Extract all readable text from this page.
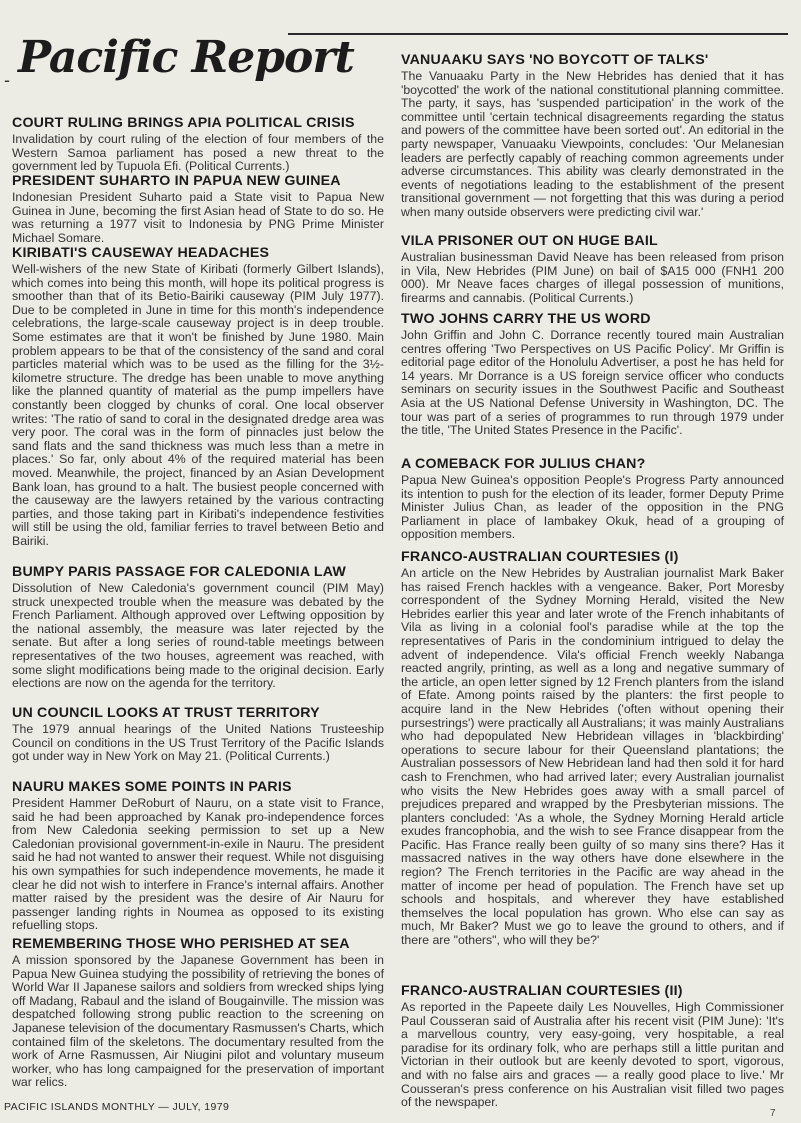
- Pacific Report
COURT RULING BRINGS APIA POLITICAL CRISIS
Invalidation by court ruling of the election of four members of the Western Samoa parliament has posed a new threat to the government led by Tupuola Efi. (Political Currents.)
PRESIDENT SUHARTO IN PAPUA NEW GUINEA
Indonesian President Suharto paid a State visit to Papua New Guinea in June, becoming the first Asian head of State to do so. He was returning a 1977 visit to Indonesia by PNG Prime Minister Michael Somare.
KIRIBATI'S CAUSEWAY HEADACHES
Well-wishers of the new State of Kiribati (formerly Gilbert Islands), which comes into being this month, will hope its political progress is smoother than that of its Betio-Bairiki causeway (PIM July 1977). Due to be completed in June in time for this month's independence celebrations, the large-scale causeway project is in deep trouble. Some estimates are that it won't be finished by June 1980. Main problem appears to be that of the consistency of the sand and coral particles material which was to be used as the filling for the 3½-kilometre structure. The dredge has been unable to move anything like the planned quantity of material as the pump impellers have constantly been clogged by chunks of coral. One local observer writes: 'The ratio of sand to coral in the designated dredge area was very poor. The coral was in the form of pinnacles just below the sand flats and the sand thickness was much less than a metre in places.' So far, only about 4% of the required material has been moved. Meanwhile, the project, financed by an Asian Development Bank loan, has ground to a halt. The busiest people concerned with the causeway are the lawyers retained by the various contracting parties, and those taking part in Kiribati's independence festivities will still be using the old, familiar ferries to travel between Betio and Bairiki.
BUMPY PARIS PASSAGE FOR CALEDONIA LAW
Dissolution of New Caledonia's government council (PIM May) struck unexpected trouble when the measure was debated by the French Parliament. Although approved over Leftwing opposition by the national assembly, the measure was later rejected by the senate. But after a long series of round-table meetings between representatives of the two houses, agreement was reached, with some slight modifications being made to the original decision. Early elections are now on the agenda for the territory.
UN COUNCIL LOOKS AT TRUST TERRITORY
The 1979 annual hearings of the United Nations Trusteeship Council on conditions in the US Trust Territory of the Pacific Islands got under way in New York on May 21. (Political Currents.)
NAURU MAKES SOME POINTS IN PARIS
President Hammer DeRoburt of Nauru, on a state visit to France, said he had been approached by Kanak pro-independence forces from New Caledonia seeking permission to set up a New Caledonian provisional government-in-exile in Nauru. The president said he had not wanted to answer their request. While not disguising his own sympathies for such independence movements, he made it clear he did not wish to interfere in France's internal affairs. Another matter raised by the president was the desire of Air Nauru for passenger landing rights in Noumea as opposed to its existing refuelling stops.
REMEMBERING THOSE WHO PERISHED AT SEA
A mission sponsored by the Japanese Government has been in Papua New Guinea studying the possibility of retrieving the bones of World War II Japanese sailors and soldiers from wrecked ships lying off Madang, Rabaul and the island of Bougainville. The mission was despatched following strong public reaction to the screening on Japanese television of the documentary Rasmussen's Charts, which contained film of the skeletons. The documentary resulted from the work of Arne Rasmussen, Air Niugini pilot and voluntary museum worker, who has long campaigned for the preservation of important war relics.
VANUAAKU SAYS 'NO BOYCOTT OF TALKS'
The Vanuaaku Party in the New Hebrides has denied that it has 'boycotted' the work of the national constitutional planning committee. The party, it says, has 'suspended participation' in the work of the committee until 'certain technical disagreements regarding the status and powers of the committee have been sorted out'. An editorial in the party newspaper, Vanuaaku Viewpoints, concludes: 'Our Melanesian leaders are perfectly capably of reaching common agreements under adverse circumstances. This ability was clearly demonstrated in the events of negotiations leading to the establishment of the present transitional government — not forgetting that this was during a period when many outside observers were predicting civil war.'
VILA PRISONER OUT ON HUGE BAIL
Australian businessman David Neave has been released from prison in Vila, New Hebrides (PIM June) on bail of $A15 000 (FNH1 200 000). Mr Neave faces charges of illegal possession of munitions, firearms and cannabis. (Political Currents.)
TWO JOHNS CARRY THE US WORD
John Griffin and John C. Dorrance recently toured main Australian centres offering 'Two Perspectives on US Pacific Policy'. Mr Griffin is editorial page editor of the Honolulu Advertiser, a post he has held for 14 years. Mr Dorrance is a US foreign service officer who conducts seminars on security issues in the Southwest Pacific and Southeast Asia at the US National Defense University in Washington, DC. The tour was part of a series of programmes to run through 1979 under the title, 'The United States Presence in the Pacific'.
A COMEBACK FOR JULIUS CHAN?
Papua New Guinea's opposition People's Progress Party announced its intention to push for the election of its leader, former Deputy Prime Minister Julius Chan, as leader of the opposition in the PNG Parliament in place of Iambakey Okuk, head of a grouping of opposition members.
FRANCO-AUSTRALIAN COURTESIES (I)
An article on the New Hebrides by Australian journalist Mark Baker has raised French hackles with a vengeance. Baker, Port Moresby correspondent of the Sydney Morning Herald, visited the New Hebrides earlier this year and later wrote of the French inhabitants of Vila as living in a colonial fool's paradise while at the top the representatives of Paris in the condominium intrigued to delay the advent of independence. Vila's official French weekly Nabanga reacted angrily, printing, as well as a long and negative summary of the article, an open letter signed by 12 French planters from the island of Efate. Among points raised by the planters: the first people to acquire land in the New Hebrides ('often without opening their pursestrings') were practically all Australians; it was mainly Australians who had depopulated New Hebridean villages in 'blackbirding' operations to secure labour for their Queensland plantations; the Australian possessors of New Hebridean land had then sold it for hard cash to Frenchmen, who had arrived later; every Australian journalist who visits the New Hebrides goes away with a small parcel of prejudices prepared and wrapped by the Presbyterian missions. The planters concluded: 'As a whole, the Sydney Morning Herald article exudes francophobia, and the wish to see France disappear from the Pacific. Has France really been guilty of so many sins there? Has it massacred natives in the way others have done elsewhere in the region? The French territories in the Pacific are way ahead in the matter of income per head of population. The French have set up schools and hospitals, and wherever they have established themselves the local population has grown. Who else can say as much, Mr Baker? Must we go to leave the ground to others, and if there are "others", who will they be?'
FRANCO-AUSTRALIAN COURTESIES (II)
As reported in the Papeete daily Les Nouvelles, High Commissioner Paul Cousseran said of Australia after his recent visit (PIM June): 'It's a marvellous country, very easy-going, very hospitable, a real paradise for its ordinary folk, who are perhaps still a little puritan and Victorian in their outlook but are keenly devoted to sport, vigorous, and with no false airs and graces — a really good place to live.' Mr Cousseran's press conference on his Australian visit filled two pages of the newspaper.
PACIFIC ISLANDS MONTHLY — JULY, 1979
7
